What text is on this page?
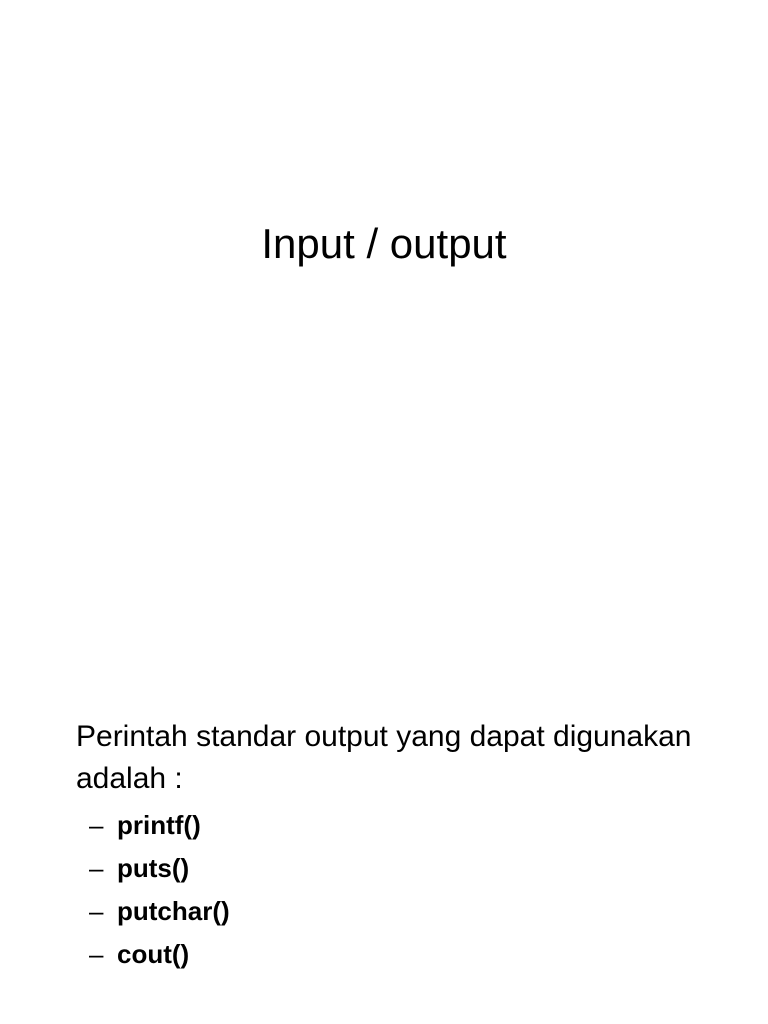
Input / output

Perintah standar output yang dapat digunakan adalah :

– printf()
– puts()
– putchar()
– cout()
